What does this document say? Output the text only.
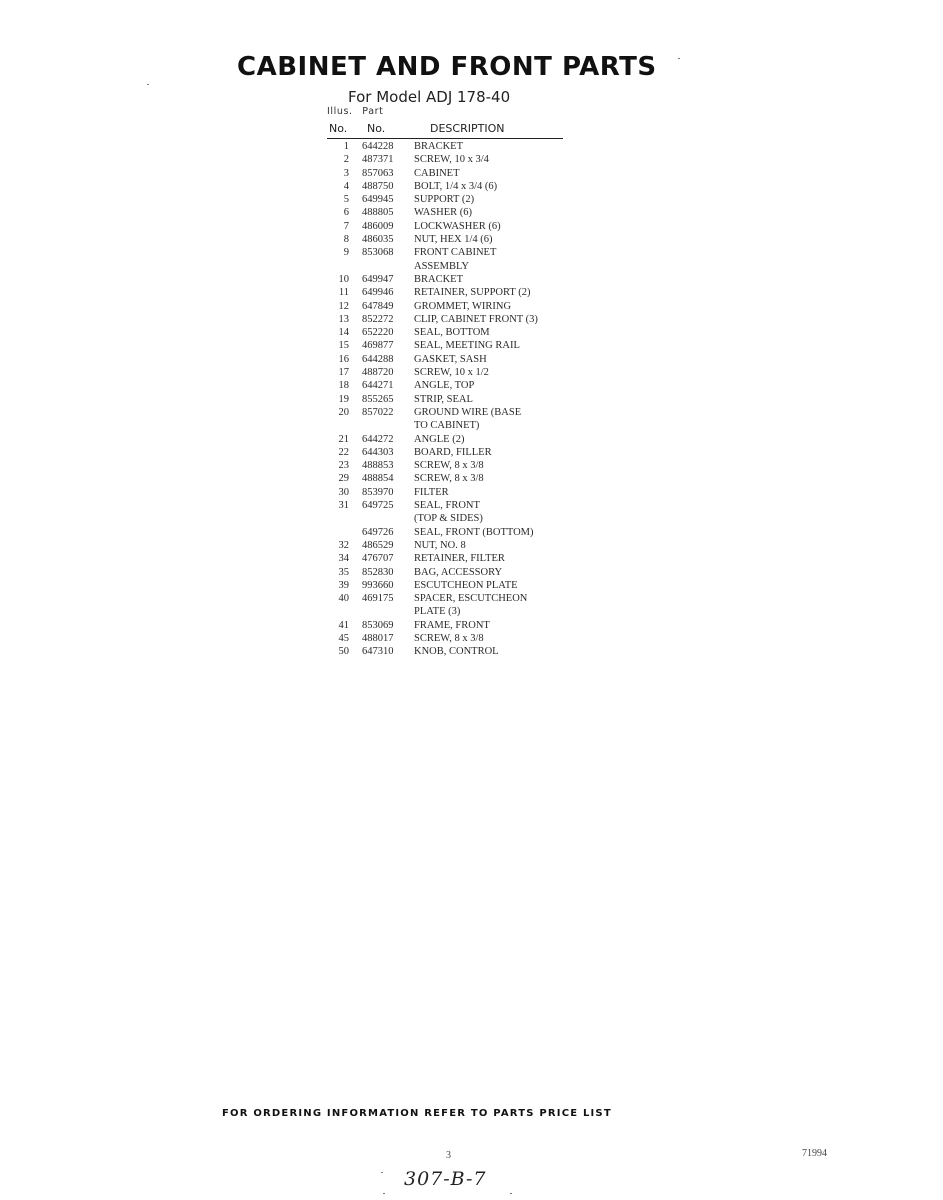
CABINET AND FRONT PARTS
For Model ADJ 178-40
Illus. Part
No. No.	DESCRIPTION
1 644228 BRACKET
2 487371 SCREW, 10 x 3/4
3 857063 CABINET
4 488750 BOLT, 1/4 x 3/4 (6)
5 649945 SUPPORT (2)
6 488805 WASHER (6)
7 486009 LOCKWASHER (6)
8 486035 NUT, HEX 1/4 (6)
9 853068 FRONT CABINET
ASSEMBLY
10 649947 BRACKET
11 649946 RETAINER, SUPPORT (2)
12 647849 GROMMET, WIRING
13 852272 CLIP, CABINET FRONT (3)
14 652220 SEAL, BOTTOM
15 469877 SEAL, MEETING RAIL
16 644288 GASKET, SASH
17 488720 SCREW, 10 x 1/2
18 644271 ANGLE, TOP
19 855265 STRIP, SEAL
20 857022 GROUND WIRE (BASE
TO CABINET)
21 644272 ANGLE (2)
22 644303 BOARD, FILLER
23 488853 SCREW, 8 x 3/8
29 488854 SCREW, 8 x 3/8
30 853970 FILTER
31 649725 SEAL, FRONT
(TOP & SIDES)
649726 SEAL, FRONT (BOTTOM)
32 486529 NUT, NO. 8
34 476707 RETAINER, FILTER
35 852830 BAG, ACCESSORY
39 993660 ESCUTCHEON PLATE
40 469175 SPACER, ESCUTCHEON
PLATE (3)
41 853069 FRAME, FRONT
45 488017 SCREW, 8 x 3/8
50 647310 KNOB, CONTROL
FOR ORDERING INFORMATION REFER TO PARTS PRICE LIST
3	71994
307-B-7
